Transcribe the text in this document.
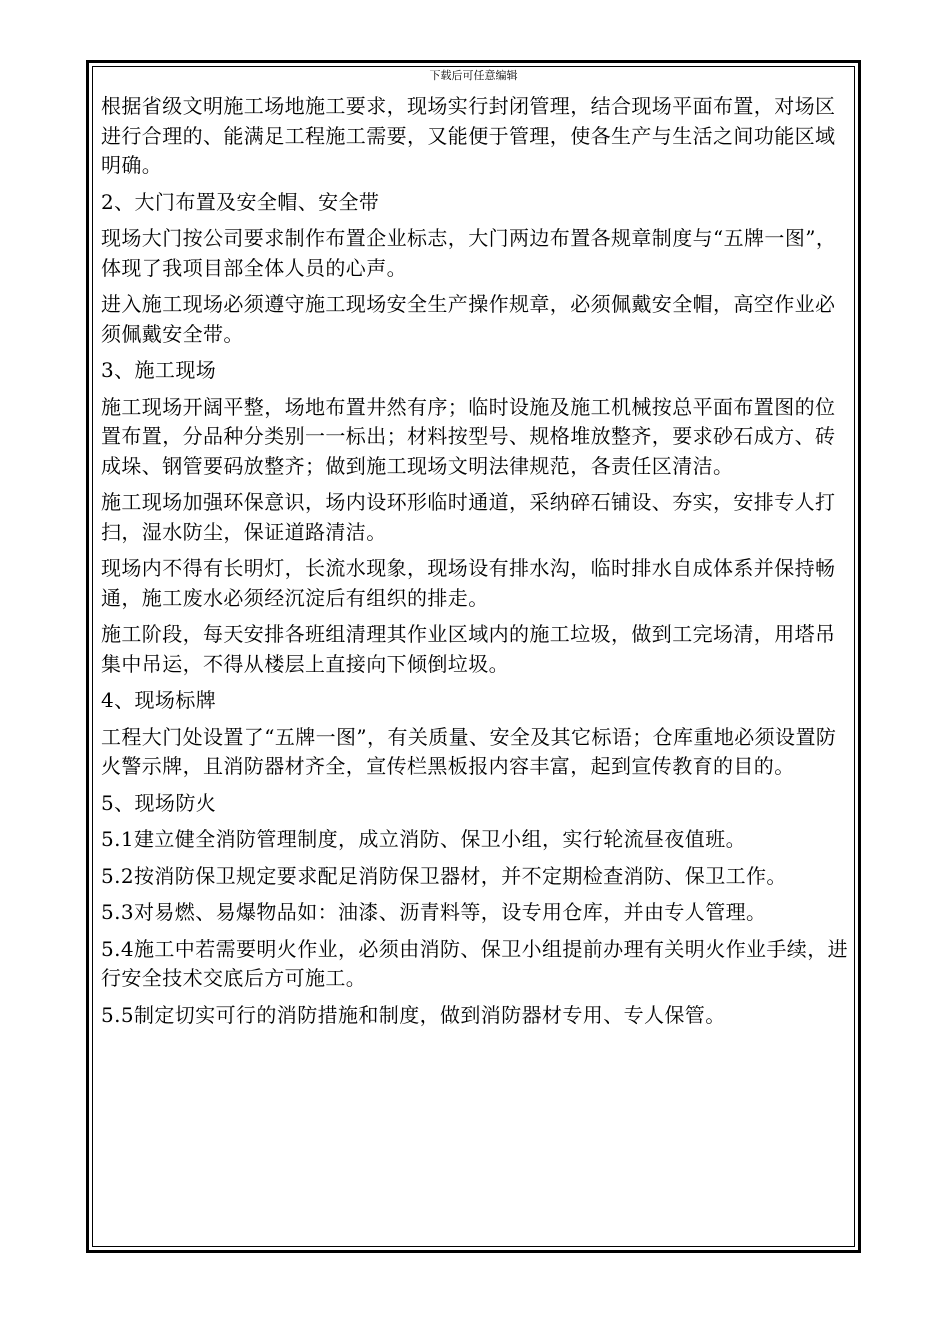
下载后可任意编辑

根据省级文明施工场地施工要求，现场实行封闭管理，结合现场平面布置，对场区进行合理的、能满足工程施工需要，又能便于管理，使各生产与生活之间功能区域明确。

2、大门布置及安全帽、安全带

现场大门按公司要求制作布置企业标志，大门两边布置各规章制度与“五牌一图”，体现了我项目部全体人员的心声。

进入施工现场必须遵守施工现场安全生产操作规章，必须佩戴安全帽，高空作业必须佩戴安全带。

3、施工现场

施工现场开阔平整，场地布置井然有序；临时设施及施工机械按总平面布置图的位置布置，分品种分类别一一标出；材料按型号、规格堆放整齐，要求砂石成方、砖成垛、钢管要码放整齐；做到施工现场文明法律规范，各责任区清洁。

施工现场加强环保意识，场内设环形临时通道，采纳碎石铺设、夯实，安排专人打扫，湿水防尘，保证道路清洁。

现场内不得有长明灯，长流水现象，现场设有排水沟，临时排水自成体系并保持畅通，施工废水必须经沉淀后有组织的排走。

施工阶段，每天安排各班组清理其作业区域内的施工垃圾，做到工完场清，用塔吊集中吊运，不得从楼层上直接向下倾倒垃圾。

4、现场标牌

工程大门处设置了“五牌一图”，有关质量、安全及其它标语；仓库重地必须设置防火警示牌，且消防器材齐全，宣传栏黑板报内容丰富，起到宣传教育的目的。

5、现场防火

5.1建立健全消防管理制度，成立消防、保卫小组，实行轮流昼夜值班。

5.2按消防保卫规定要求配足消防保卫器材，并不定期检查消防、保卫工作。

5.3对易燃、易爆物品如：油漆、沥青料等，设专用仓库，并由专人管理。

5.4施工中若需要明火作业，必须由消防、保卫小组提前办理有关明火作业手续，进行安全技术交底后方可施工。

5.5制定切实可行的消防措施和制度，做到消防器材专用、专人保管。
